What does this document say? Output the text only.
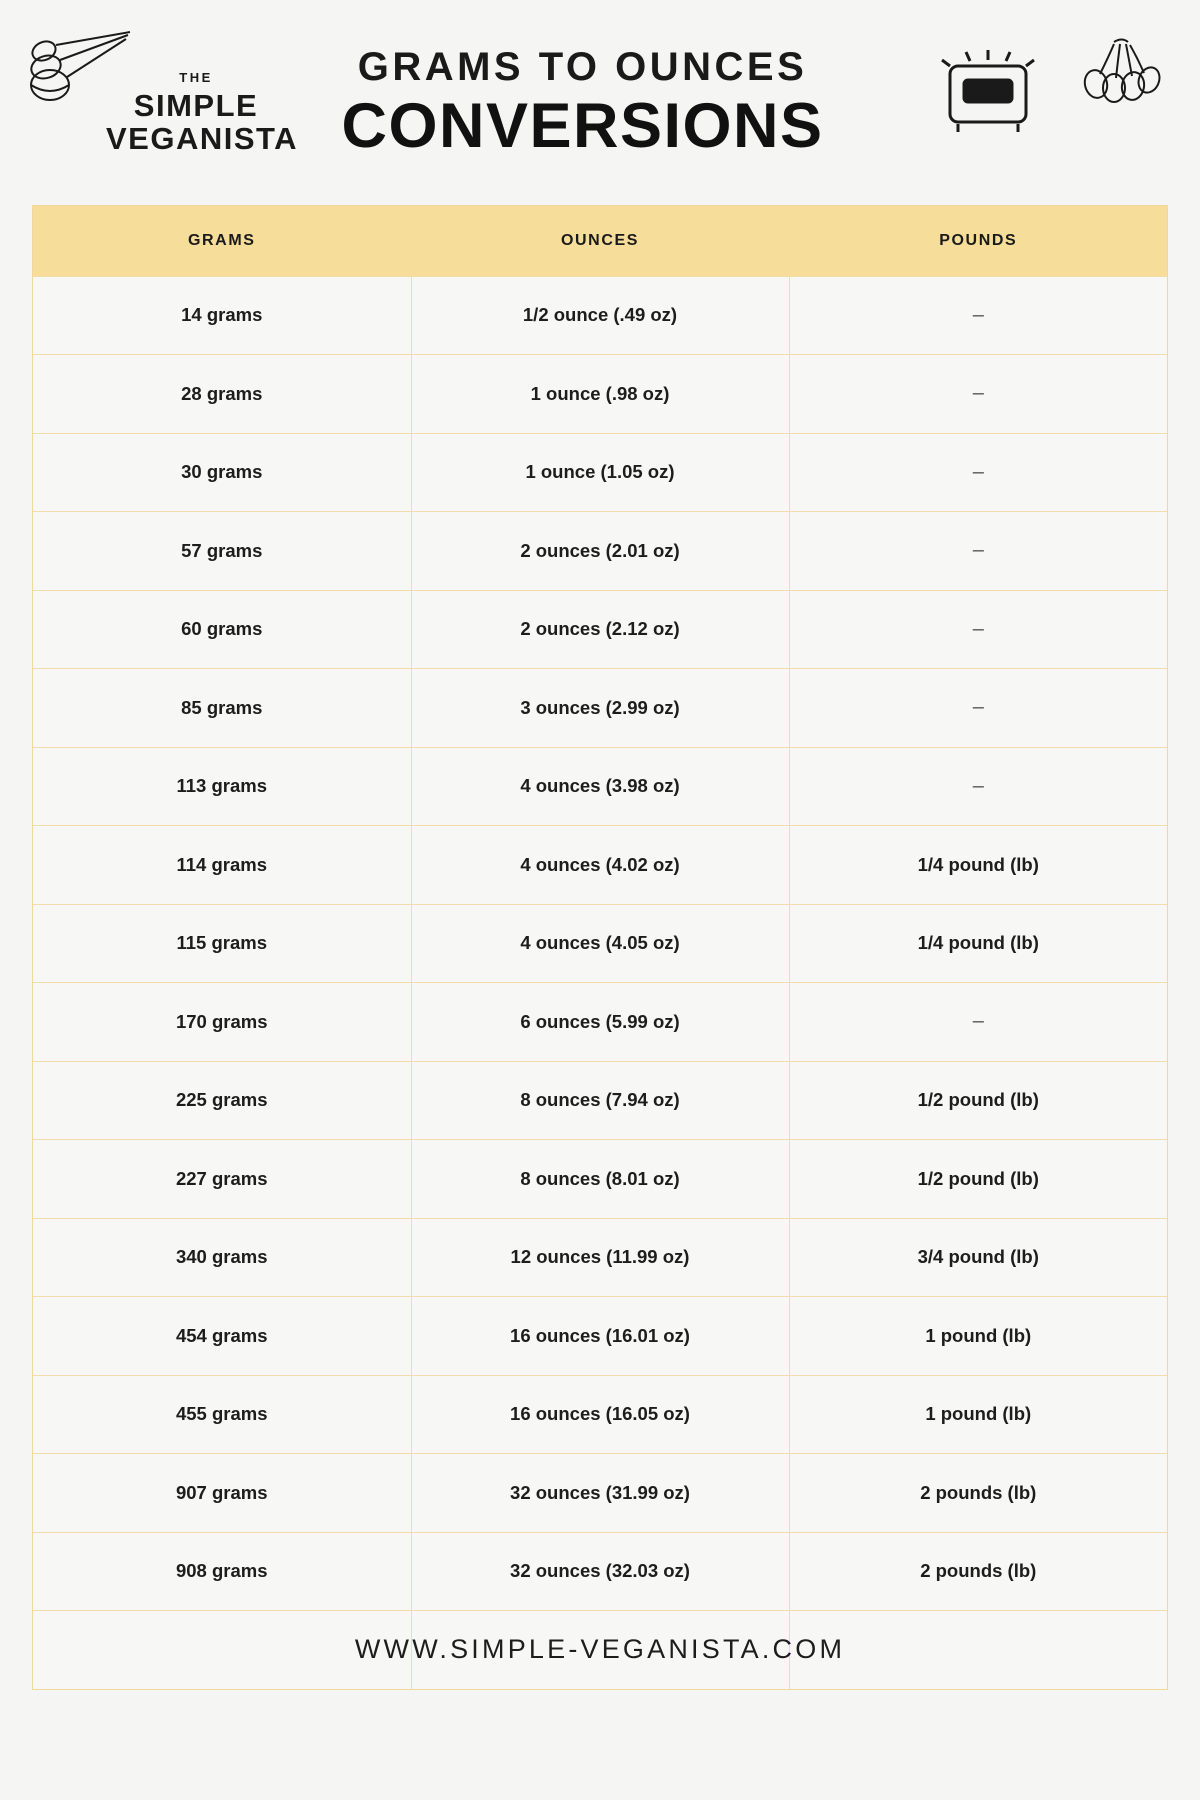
THE
SIMPLE
VEGANISTA
GRAMS TO OUNCES
CONVERSIONS
GRAMS	OUNCES	POUNDS
14 grams	1/2 ounce (.49 oz)	–
28 grams	1 ounce (.98 oz)	–
30 grams	1 ounce (1.05 oz)	–
57 grams	2 ounces (2.01 oz)	–
60 grams	2 ounces (2.12 oz)	–
85 grams	3 ounces (2.99 oz)	–
113 grams	4 ounces (3.98 oz)	–
114 grams	4 ounces (4.02 oz)	1/4 pound (lb)
115 grams	4 ounces (4.05 oz)	1/4 pound (lb)
170 grams	6 ounces (5.99 oz)	–
225 grams	8 ounces (7.94 oz)	1/2 pound (lb)
227 grams	8 ounces (8.01 oz)	1/2 pound (lb)
340 grams	12 ounces (11.99 oz)	3/4 pound (lb)
454 grams	16 ounces (16.01 oz)	1 pound (lb)
455 grams	16 ounces (16.05 oz)	1 pound (lb)
907 grams	32 ounces (31.99 oz)	2 pounds (lb)
908 grams	32 ounces (32.03 oz)	2 pounds (lb)

WWW.SIMPLE-VEGANISTA.COM
